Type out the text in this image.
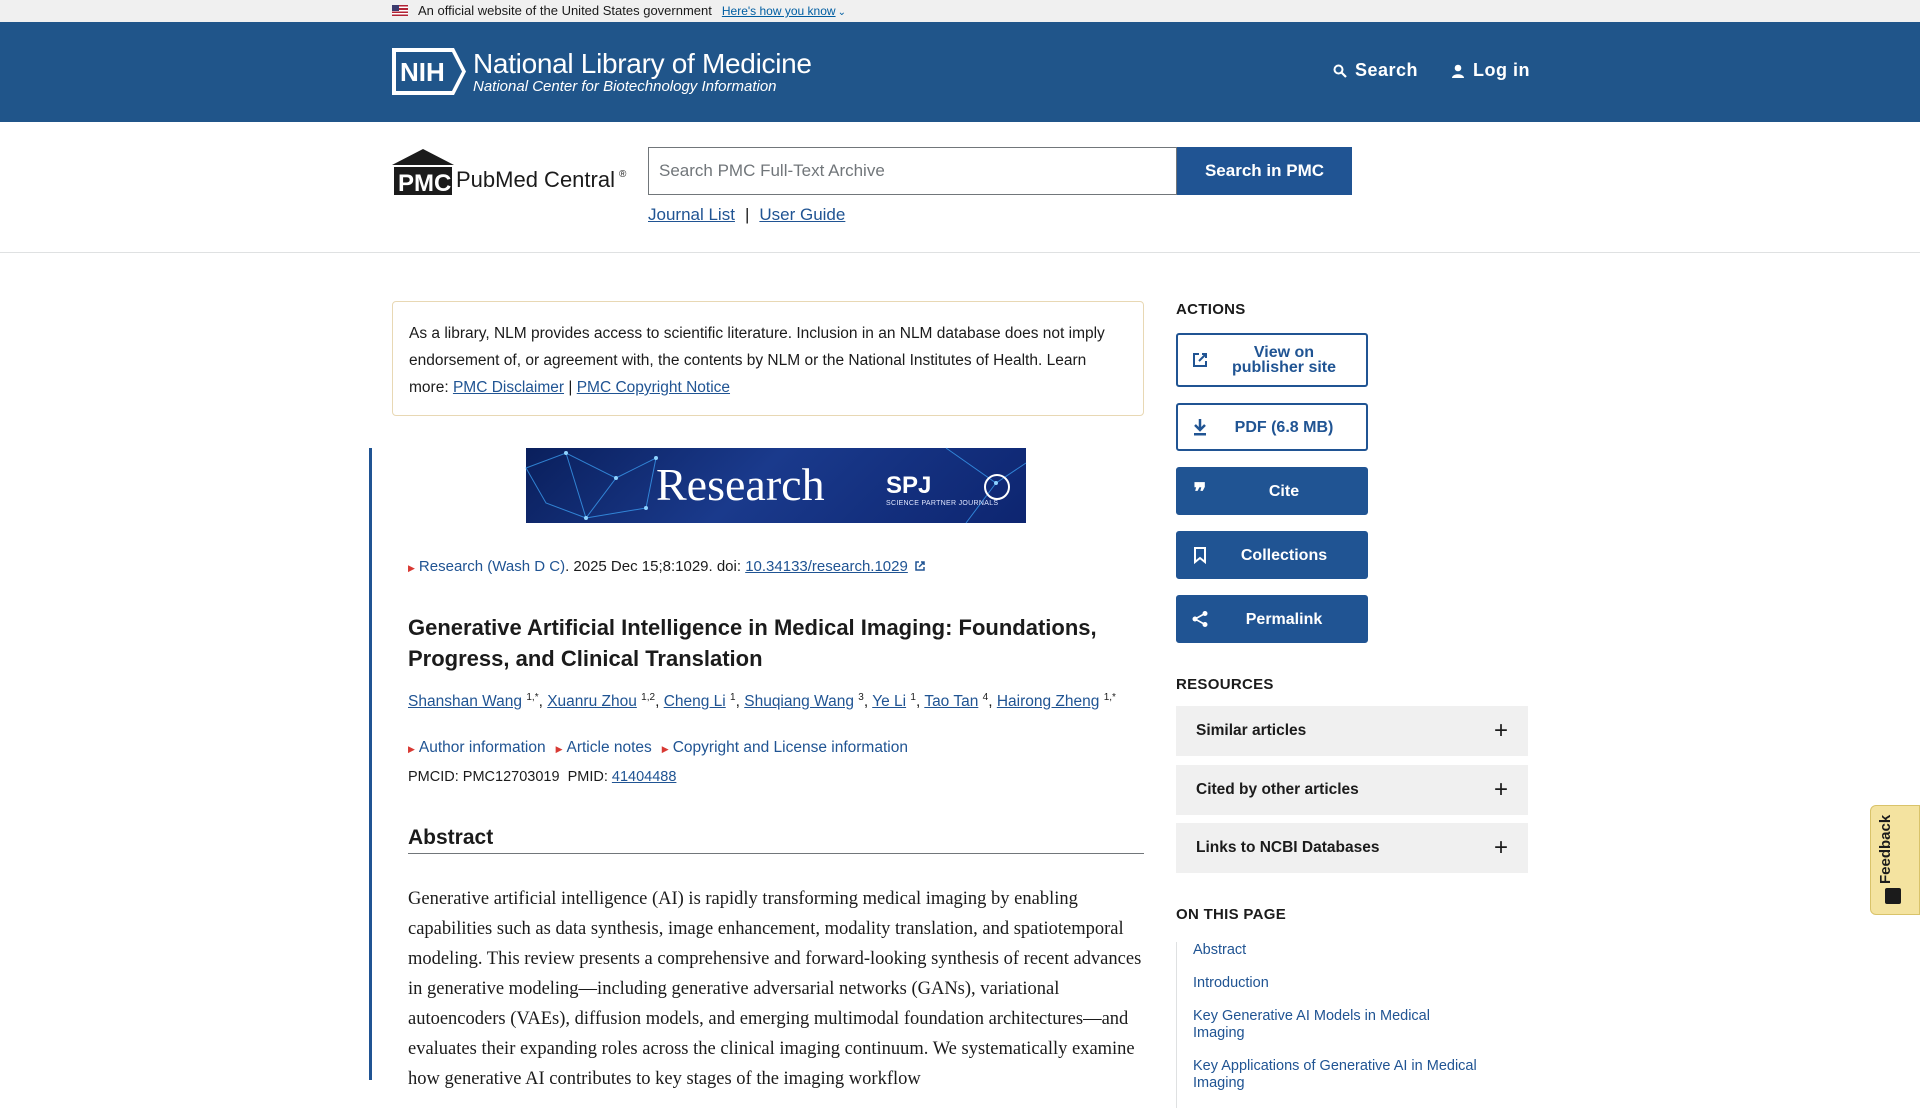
An official website of the United States government Here's how you know ⌄
NIH National Library of Medicine
National Center for Biotechnology Information
Search	Log in
PMC PubMed Central ®
Search PMC Full-Text Archive	Search in PMC
Journal List | User Guide
As a library, NLM provides access to scientific literature. Inclusion in an NLM database does not imply endorsement of, or agreement with, the contents by NLM or the National Institutes of Health. Learn more: PMC Disclaimer | PMC Copyright Notice
Research	SPJ
SCIENCE PARTNER JOURNALS
▶ Research (Wash D C). 2025 Dec 15;8:1029. doi: 10.34133/research.1029
Generative Artificial Intelligence in Medical Imaging: Foundations, Progress, and Clinical Translation
Shanshan Wang $^{1,*}$, Xuanru Zhou $^{1,2}$, Cheng Li $^1$, Shuqiang Wang $^3$, Ye Li $^1$, Tao Tan $^4$, Hairong Zheng $^{1,*}$
▶ Author information ▶ Article notes ▶ Copyright and License information
PMCID: PMC12703019 PMID: 41404488
Abstract

Generative artificial intelligence (AI) is rapidly transforming medical imaging by enabling capabilities such as data synthesis, image enhancement, modality translation, and spatiotemporal modeling. This review presents a comprehensive and forward-looking synthesis of recent advances in generative modeling—including generative adversarial networks (GANs), variational autoencoders (VAEs), diffusion models, and emerging multimodal foundation architectures—and evaluates their expanding roles across the clinical imaging continuum. We systematically examine how generative AI contributes to key stages of the imaging workflow

ACTIONS
View on publisher site
PDF (6.8 MB)
❞	Cite
Collections
Permalink
RESOURCES
Similar articles	+
Cited by other articles	+
Links to NCBI Databases	+
ON THIS PAGE
Abstract
Introduction
Key Generative AI Models in Medical Imaging
Key Applications of Generative AI in Medical Imaging
Feedback
